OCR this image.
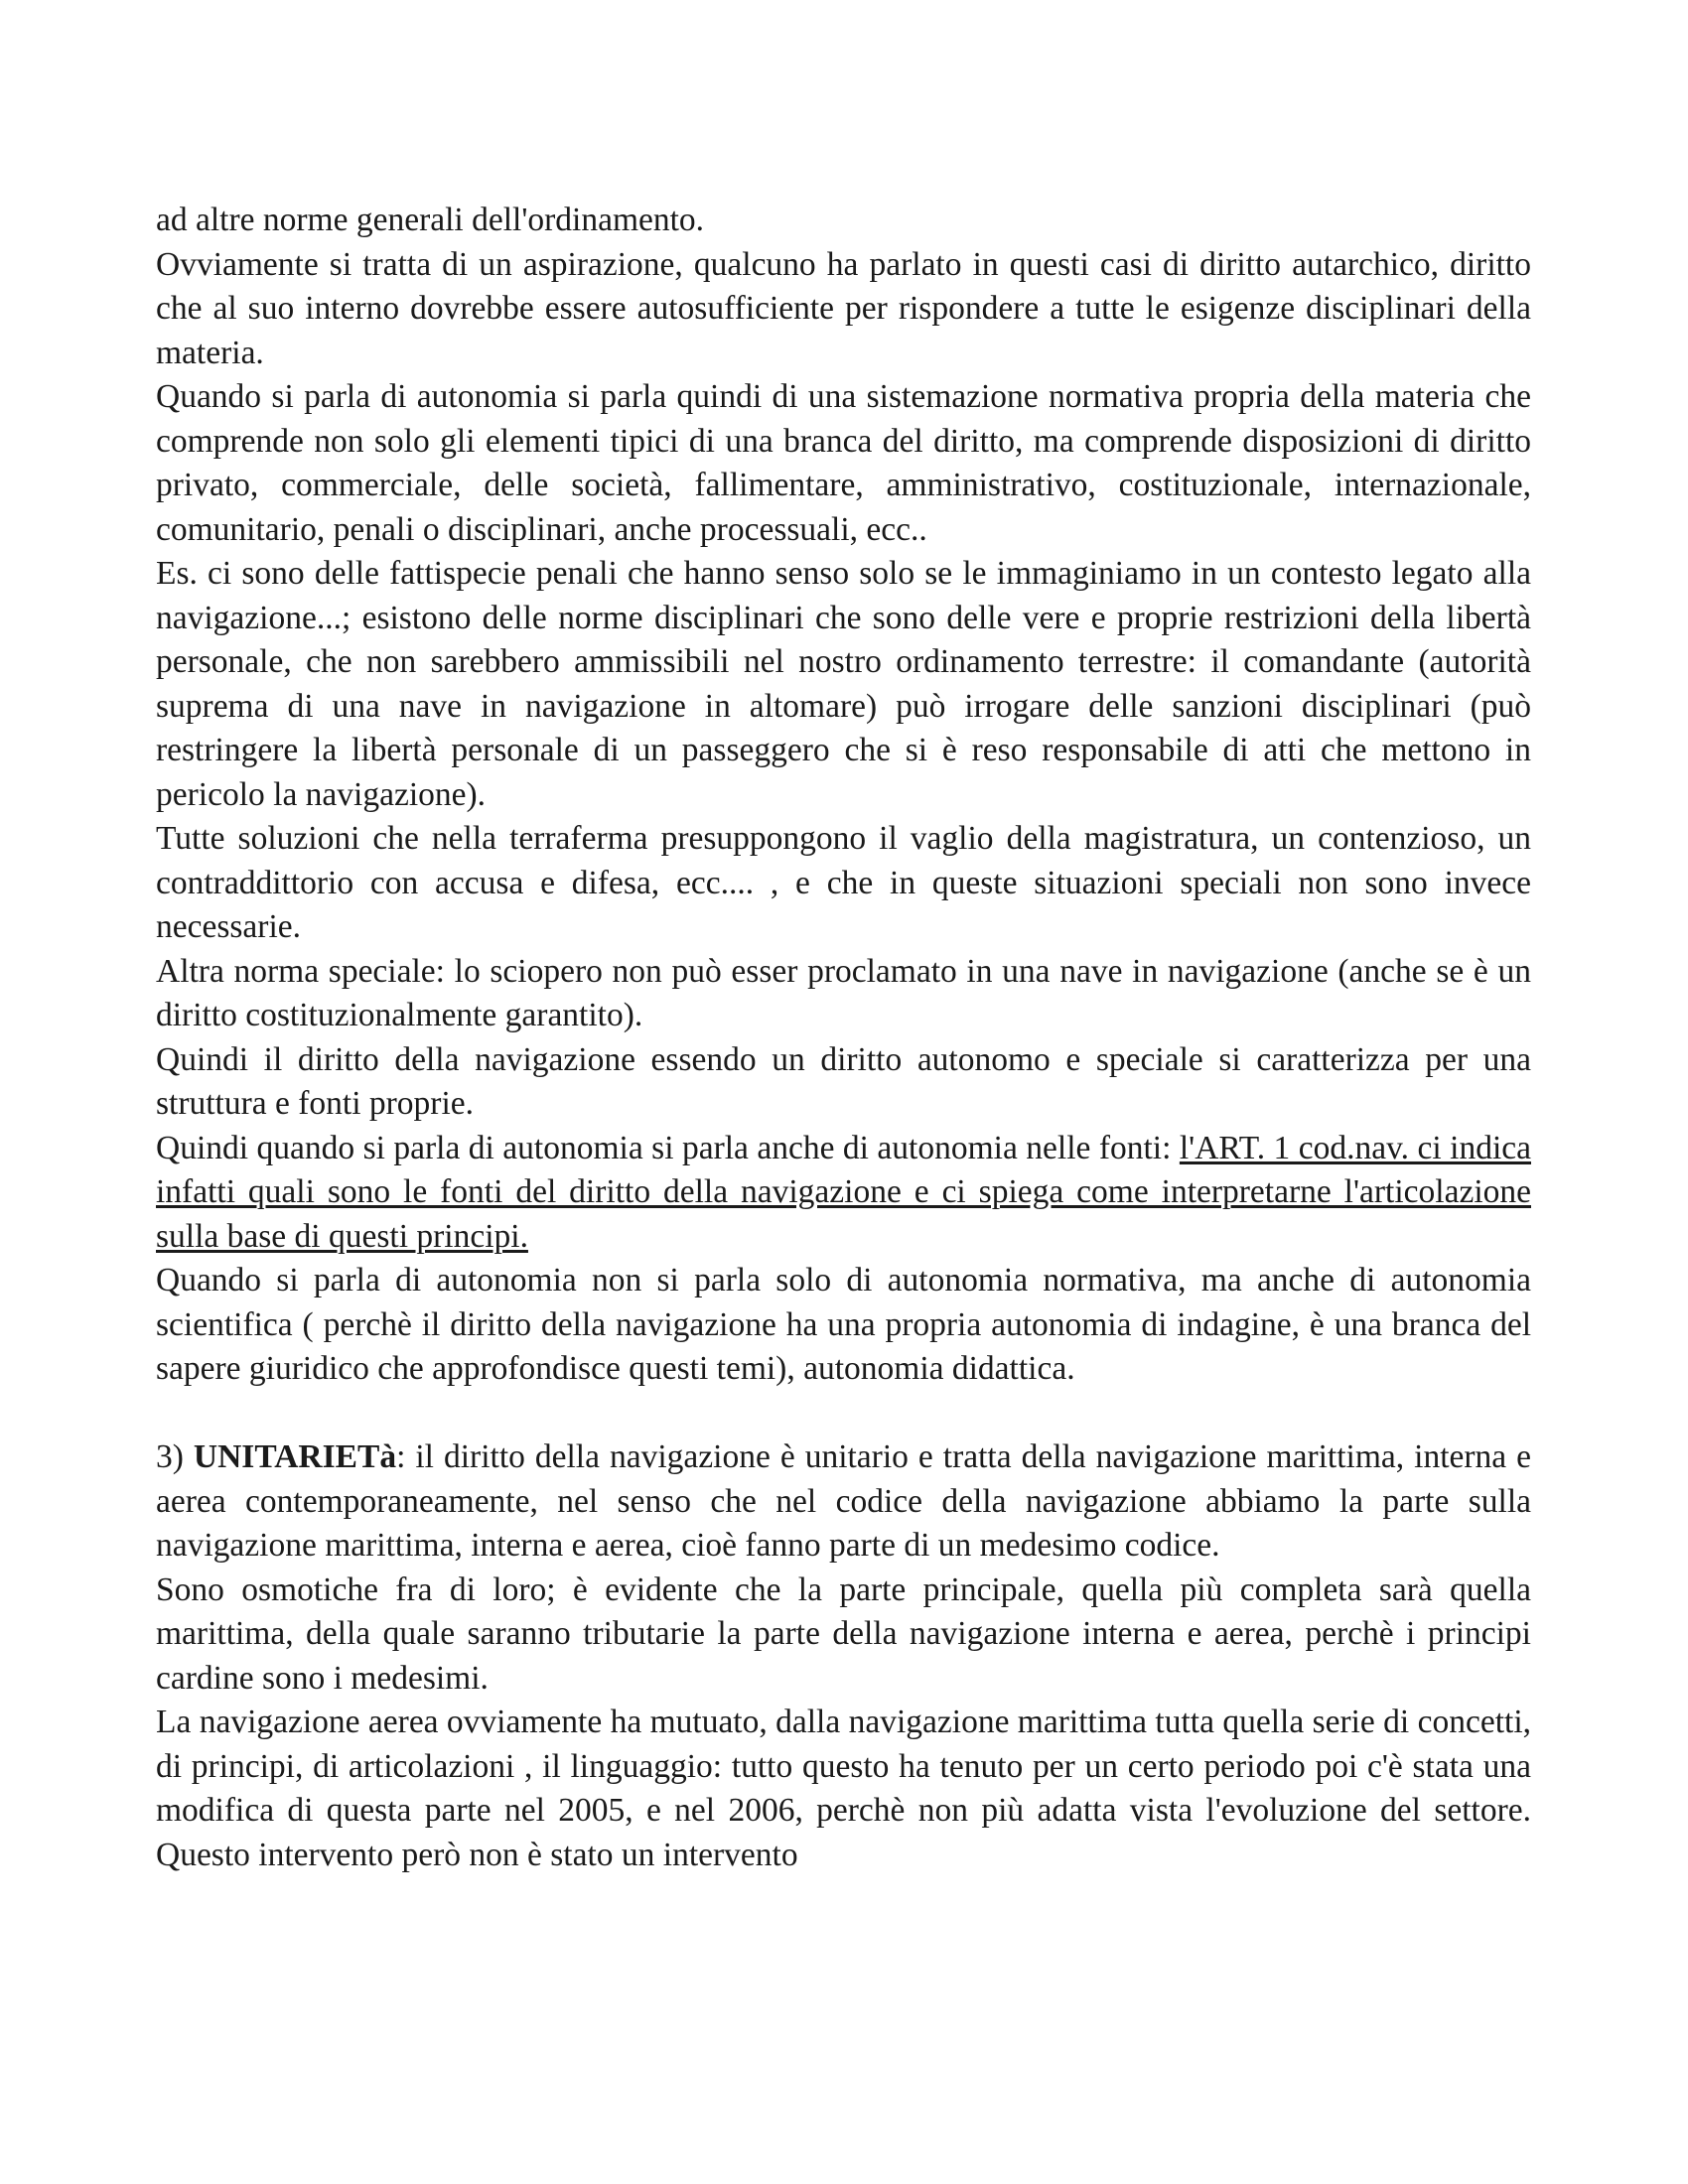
ad altre norme generali dell'ordinamento.

Ovviamente si tratta di un aspirazione, qualcuno ha parlato in questi casi di diritto autarchico, diritto che al suo interno dovrebbe essere autosufficiente per rispondere a tutte le esigenze disciplinari della materia.

Quando si parla di autonomia si parla quindi di una sistemazione normativa propria della materia che comprende non solo gli elementi tipici di una branca del diritto, ma comprende disposizioni di diritto privato, commerciale, delle società, fallimentare, amministrativo, costituzionale, internazionale, comunitario, penali o disciplinari, anche processuali, ecc..

Es. ci sono delle fattispecie penali che hanno senso solo se le immaginiamo in un contesto legato alla navigazione...; esistono delle norme disciplinari che sono delle vere e proprie restrizioni della libertà personale, che non sarebbero ammissibili nel nostro ordinamento terrestre: il comandante (autorità suprema di una nave in navigazione in altomare) può irrogare delle sanzioni disciplinari (può restringere la libertà personale di un passeggero che si è reso responsabile di atti che mettono in pericolo la navigazione).

Tutte soluzioni che nella terraferma presuppongono il vaglio della magistratura, un contenzioso, un contraddittorio con accusa e difesa, ecc.... , e che in queste situazioni speciali non sono invece necessarie.

Altra norma speciale: lo sciopero non può esser proclamato in una nave in navigazione (anche se è un diritto costituzionalmente garantito).

Quindi il diritto della navigazione essendo un diritto autonomo e speciale si caratterizza per una struttura e fonti proprie.

Quindi quando si parla di autonomia si parla anche di autonomia nelle fonti: l'ART. 1 cod.nav. ci indica infatti quali sono le fonti del diritto della navigazione e ci spiega come interpretarne l'articolazione sulla base di questi principi.

Quando si parla di autonomia non si parla solo di autonomia normativa, ma anche di autonomia scientifica ( perchè il diritto della navigazione ha una propria autonomia di indagine, è una branca del sapere giuridico che approfondisce questi temi), autonomia didattica.

3) UNITARIETà: il diritto della navigazione è unitario e tratta della navigazione marittima, interna e aerea contemporaneamente, nel senso che nel codice della navigazione abbiamo la parte sulla navigazione marittima, interna e aerea, cioè fanno parte di un medesimo codice.

Sono osmotiche fra di loro; è evidente che la parte principale, quella più completa sarà quella marittima, della quale saranno tributarie la parte della navigazione interna e aerea, perchè i principi cardine sono i medesimi.

La navigazione aerea ovviamente ha mutuato, dalla navigazione marittima tutta quella serie di concetti, di principi, di articolazioni , il linguaggio: tutto questo ha tenuto per un certo periodo poi c'è stata una modifica di questa parte nel 2005, e nel 2006, perchè non più adatta vista l'evoluzione del settore. Questo intervento però non è stato un intervento
